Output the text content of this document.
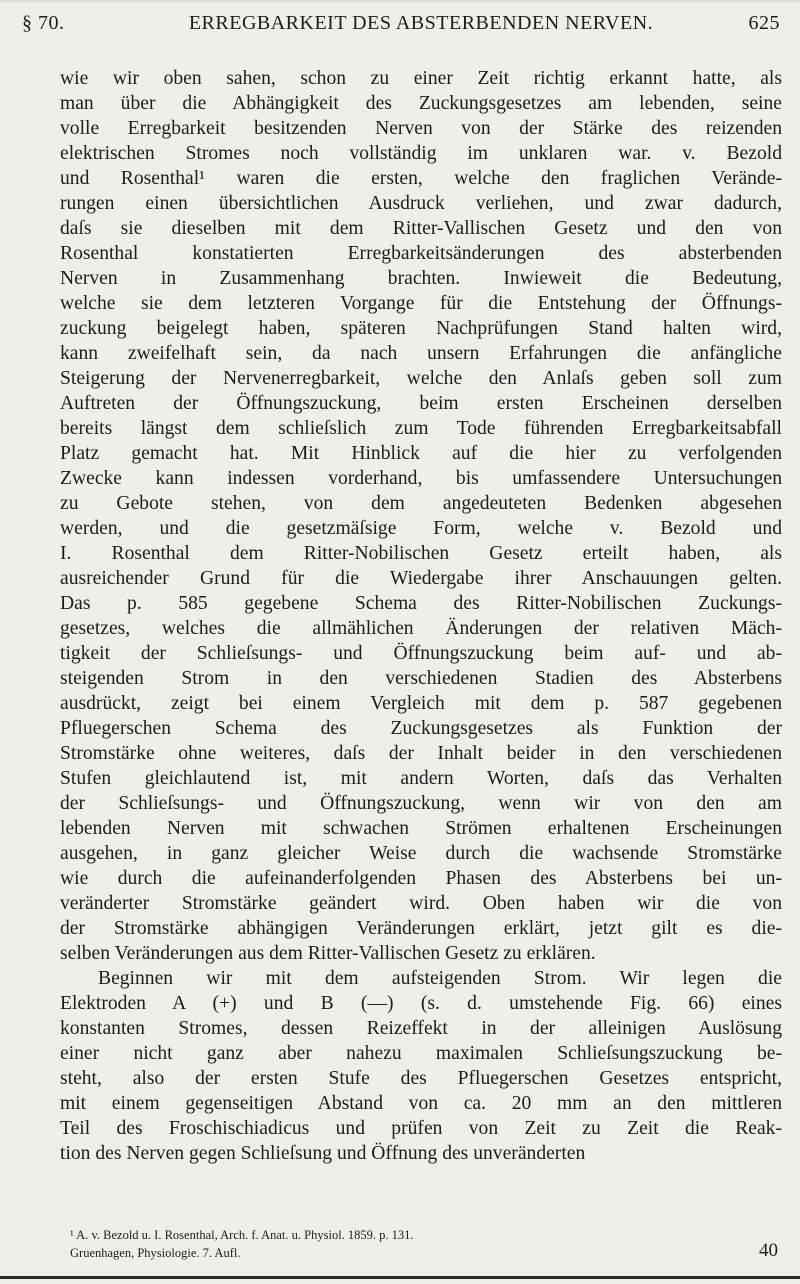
§ 70.	ERREGBARKEIT DES ABSTERBENDEN NERVEN.	625

wie wir oben sahen, schon zu einer Zeit richtig erkannt hatte, als
man über die Abhängigkeit des Zuckungsgesetzes am lebenden, seine
volle Erregbarkeit besitzenden Nerven von der Stärke des reizenden
elektrischen Stromes noch vollständig im unklaren war. v. Bezold
und Rosenthal¹ waren die ersten, welche den fraglichen Verände-
rungen einen übersichtlichen Ausdruck verliehen, und zwar dadurch,
daſs sie dieselben mit dem Ritter-Vallischen Gesetz und den von
Rosenthal konstatierten Erregbarkeitsänderungen des absterbenden
Nerven in Zusammenhang brachten. Inwieweit die Bedeutung,
welche sie dem letzteren Vorgange für die Entstehung der Öffnungs-
zuckung beigelegt haben, späteren Nachprüfungen Stand halten wird,
kann zweifelhaft sein, da nach unsern Erfahrungen die anfängliche
Steigerung der Nervenerregbarkeit, welche den Anlaſs geben soll zum
Auftreten der Öffnungszuckung, beim ersten Erscheinen derselben
bereits längst dem schlieſslich zum Tode führenden Erregbarkeitsabfall
Platz gemacht hat. Mit Hinblick auf die hier zu verfolgenden
Zwecke kann indessen vorderhand, bis umfassendere Untersuchungen
zu Gebote stehen, von dem angedeuteten Bedenken abgesehen
werden, und die gesetzmäſsige Form, welche v. Bezold und
I. Rosenthal dem Ritter-Nobilischen Gesetz erteilt haben, als
ausreichender Grund für die Wiedergabe ihrer Anschauungen gelten.
Das p. 585 gegebene Schema des Ritter-Nobilischen Zuckungs-
gesetzes, welches die allmählichen Änderungen der relativen Mäch-
tigkeit der Schlieſsungs- und Öffnungszuckung beim auf- und ab-
steigenden Strom in den verschiedenen Stadien des Absterbens
ausdrückt, zeigt bei einem Vergleich mit dem p. 587 gegebenen
Pfluegerschen Schema des Zuckungsgesetzes als Funktion der
Stromstärke ohne weiteres, daſs der Inhalt beider in den verschiedenen
Stufen gleichlautend ist, mit andern Worten, daſs das Verhalten
der Schlieſsungs- und Öffnungszuckung, wenn wir von den am
lebenden Nerven mit schwachen Strömen erhaltenen Erscheinungen
ausgehen, in ganz gleicher Weise durch die wachsende Stromstärke
wie durch die aufeinanderfolgenden Phasen des Absterbens bei un-
veränderter Stromstärke geändert wird. Oben haben wir die von
der Stromstärke abhängigen Veränderungen erklärt, jetzt gilt es die-
selben Veränderungen aus dem Ritter-Vallischen Gesetz zu erklären.

Beginnen wir mit dem aufsteigenden Strom. Wir legen die
Elektroden A (+) und B (—) (s. d. umstehende Fig. 66) eines
konstanten Stromes, dessen Reizeffekt in der alleinigen Auslösung
einer nicht ganz aber nahezu maximalen Schlieſsungszuckung be-
steht, also der ersten Stufe des Pfluegerschen Gesetzes entspricht,
mit einem gegenseitigen Abstand von ca. 20 mm an den mittleren
Teil des Froschischiadicus und prüfen von Zeit zu Zeit die Reak-
tion des Nerven gegen Schlieſsung und Öffnung des unveränderten

¹ A. v. Bezold u. I. Rosenthal, Arch. f. Anat. u. Physiol. 1859. p. 131.
Gruenhagen, Physiologie. 7. Aufl.	40
